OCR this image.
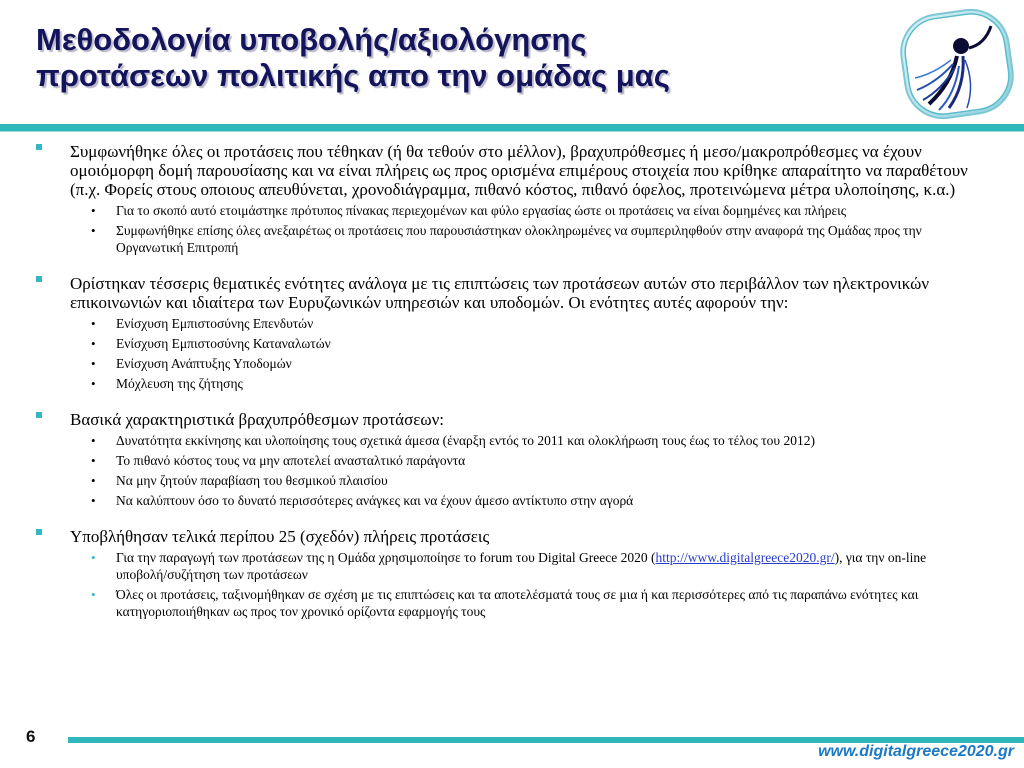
Μεθοδολογία υποβολής/αξιολόγησης
προτάσεων πολιτικής απο την ομάδας μας
Συμφωνήθηκε όλες οι προτάσεις που τέθηκαν (ή θα τεθούν στο μέλλον), βραχυπρόθεσμες ή μεσο/μακροπρόθεσμες να έχουν ομοιόμορφη δομή παρουσίασης και να είναι πλήρεις ως προς ορισμένα επιμέρους στοιχεία που κρίθηκε απαραίτητο να παραθέτουν (π.χ. Φορείς στους οποιους απευθύνεται, χρονοδιάγραμμα, πιθανό κόστος, πιθανό όφελος, προτεινώμενα μέτρα υλοποίησης, κ.α.)
• Για το σκοπό αυτό ετοιμάστηκε πρότυπος πίνακας περιεχομένων και φύλο εργασίας ώστε οι προτάσεις να είναι δομημένες και πλήρεις
• Συμφωνήθηκε επίσης όλες ανεξαιρέτως οι προτάσεις που παρουσιάστηκαν ολοκληρωμένες να συμπεριληφθούν στην αναφορά της Ομάδας προς την Οργανωτική Επιτροπή
Ορίστηκαν τέσσερις θεματικές ενότητες ανάλογα με τις επιπτώσεις των προτάσεων αυτών στο περιβάλλον των ηλεκτρονικών επικοινωνιών και ιδιαίτερα των Ευρυζωνικών υπηρεσιών και υποδομών. Οι ενότητες αυτές αφορούν την:
• Ενίσχυση Εμπιστοσύνης Επενδυτών
• Ενίσχυση Εμπιστοσύνης Καταναλωτών
• Ενίσχυση Ανάπτυξης Υποδομών
• Μόχλευση της ζήτησης
Βασικά χαρακτηριστικά βραχυπρόθεσμων προτάσεων:
• Δυνατότητα εκκίνησης και υλοποίησης τους σχετικά άμεσα (έναρξη εντός το 2011 και ολοκλήρωση τους έως το τέλος του 2012)
• Το πιθανό κόστος τους να μην αποτελεί ανασταλτικό παράγοντα
• Να μην ζητούν παραβίαση του θεσμικού πλαισίου
• Να καλύπτουν όσο το δυνατό περισσότερες ανάγκες και να έχουν άμεσο αντίκτυπο στην αγορά
Υποβλήθησαν τελικά περίπου 25 (σχεδόν) πλήρεις προτάσεις
• Για την παραγωγή των προτάσεων της η Ομάδα χρησιμοποίησε το forum του Digital Greece 2020 (http://www.digitalgreece2020.gr/), για την on-line υποβολή/συζήτηση των προτάσεων
• Όλες οι προτάσεις, ταξινομήθηκαν σε σχέση με τις επιπτώσεις και τα αποτελέσματά τους σε μια ή και περισσότερες από τις παραπάνω ενότητες και κατηγοριοποιήθηκαν ως προς τον χρονικό ορίζοντα εφαρμογής τους
6
www.digitalgreece2020.gr
